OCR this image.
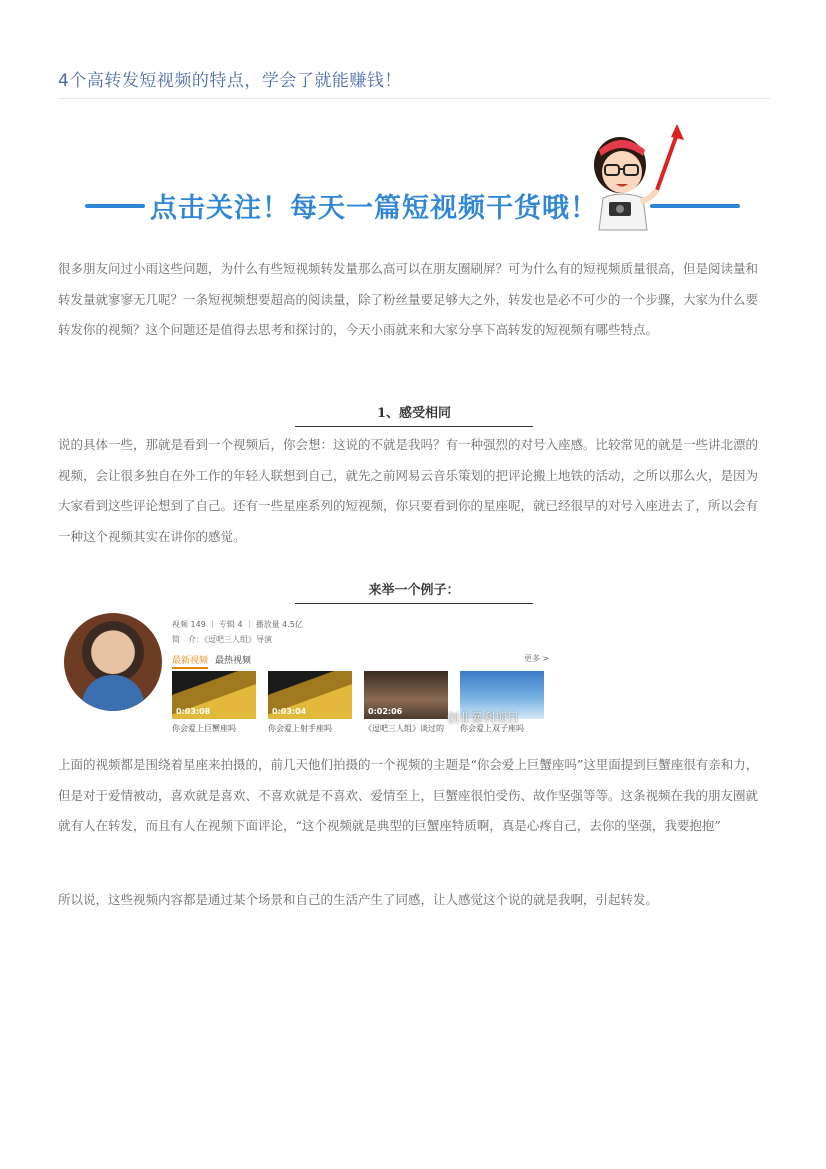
4个高转发短视频的特点，学会了就能赚钱！
点击关注！每天一篇短视频干货哦！
很多朋友问过小雨这些问题，为什么有些短视频转发量那么高可以在朋友圈刷屏？可为什么有的短视频质量很高，但是阅读量和转发量就寥寥无几呢？一条短视频想要超高的阅读量，除了粉丝量要足够大之外，转发也是必不可少的一个步骤，大家为什么要转发你的视频？这个问题还是值得去思考和探讨的，今天小雨就来和大家分享下高转发的短视频有哪些特点。
1、感受相同
说的具体一些，那就是看到一个视频后，你会想：这说的不就是我吗？有一种强烈的对号入座感。比较常见的就是一些讲北漂的视频，会让很多独自在外工作的年轻人联想到自己，就先之前网易云音乐策划的把评论搬上地铁的活动，之所以那么火，是因为大家看到这些评论想到了自己。还有一些星座系列的短视频，你只要看到你的星座呢，就已经很早的对号入座进去了，所以会有一种这个视频其实在讲你的感觉。
来举一个例子：
视频 149 ｜ 专辑 4 ｜ 播放量 4.5亿
简　介：《逗吧三人组》导演
最新视频 最热视频	更多 >
0:03:08
你会爱上巨蟹座吗
0:03:04
你会爱上射手座吗
0:02:06
《逗吧三人组》谈过的 你会爱上双子座吗
创业暴利项目
上面的视频都是围绕着星座来拍摄的，前几天他们拍摄的一个视频的主题是“你会爱上巨蟹座吗”这里面提到巨蟹座很有亲和力，但是对于爱情被动，喜欢就是喜欢、不喜欢就是不喜欢、爱情至上，巨蟹座很怕受伤、故作坚强等等。这条视频在我的朋友圈就就有人在转发，而且有人在视频下面评论，“这个视频就是典型的巨蟹座特质啊，真是心疼自己，去你的坚强，我要抱抱”
所以说，这些视频内容都是通过某个场景和自己的生活产生了同感，让人感觉这个说的就是我啊，引起转发。
